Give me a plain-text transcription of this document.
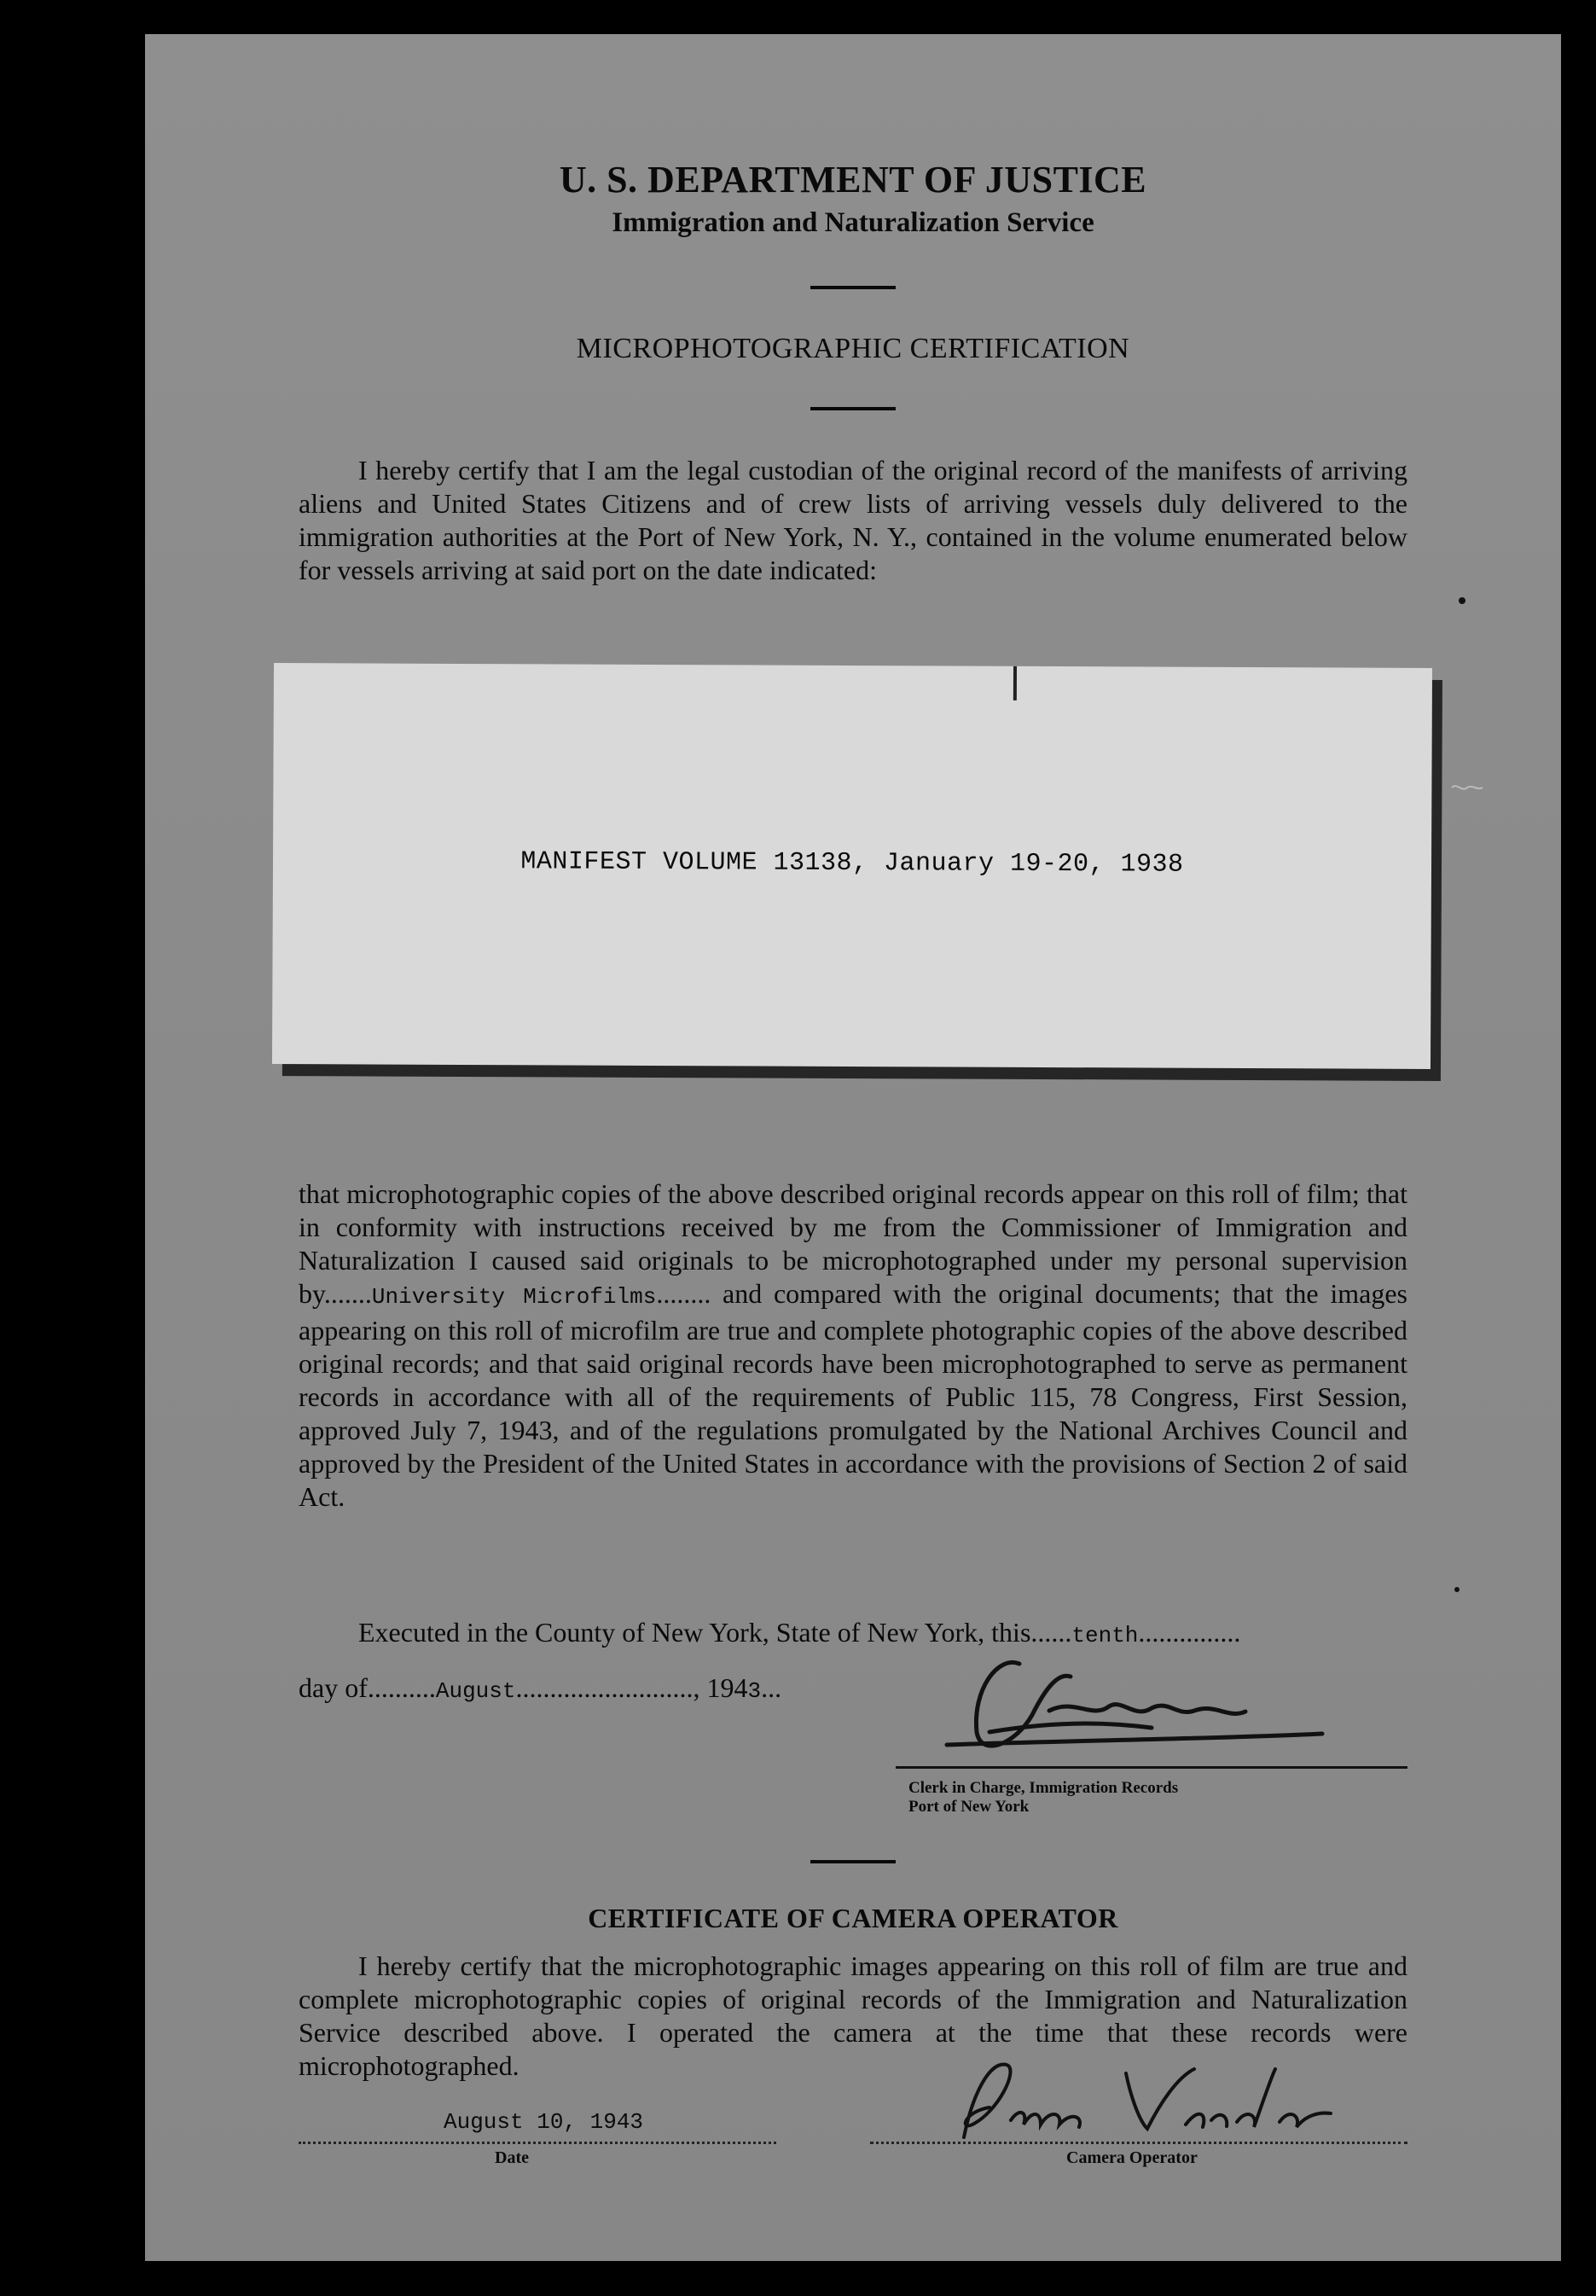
U. S. DEPARTMENT OF JUSTICE
Immigration and Naturalization Service
MICROPHOTOGRAPHIC CERTIFICATION
I hereby certify that I am the legal custodian of the original record of the manifests of arriving aliens and United States Citizens and of crew lists of arriving vessels duly delivered to the immigration authorities at the Port of New York, N. Y., contained in the volume enumerated below for vessels arriving at said port on the date indicated:
MANIFEST VOLUME 13138, January 19-20, 1938
that microphotographic copies of the above described original records appear on this roll of film; that in conformity with instructions received by me from the Commissioner of Immigration and Naturalization I caused said originals to be microphotographed under my personal supervision by.......University Microfilms........ and compared with the original documents; that the images appearing on this roll of microfilm are true and complete photographic copies of the above described original records; and that said original records have been microphotographed to serve as permanent records in accordance with all of the requirements of Public 115, 78 Congress, First Session, approved July 7, 1943, and of the regulations promulgated by the National Archives Council and approved by the President of the United States in accordance with the provisions of Section 2 of said Act.
Executed in the County of New York, State of New York, this......tenth...............
day of..........August.........................., 1943...
Clerk in Charge, Immigration Records
Port of New York
CERTIFICATE OF CAMERA OPERATOR
I hereby certify that the microphotographic images appearing on this roll of film are true and complete microphotographic copies of original records of the Immigration and Naturalization Service described above. I operated the camera at the time that these records were microphotographed.
August 10, 1943
Date	Camera Operator
